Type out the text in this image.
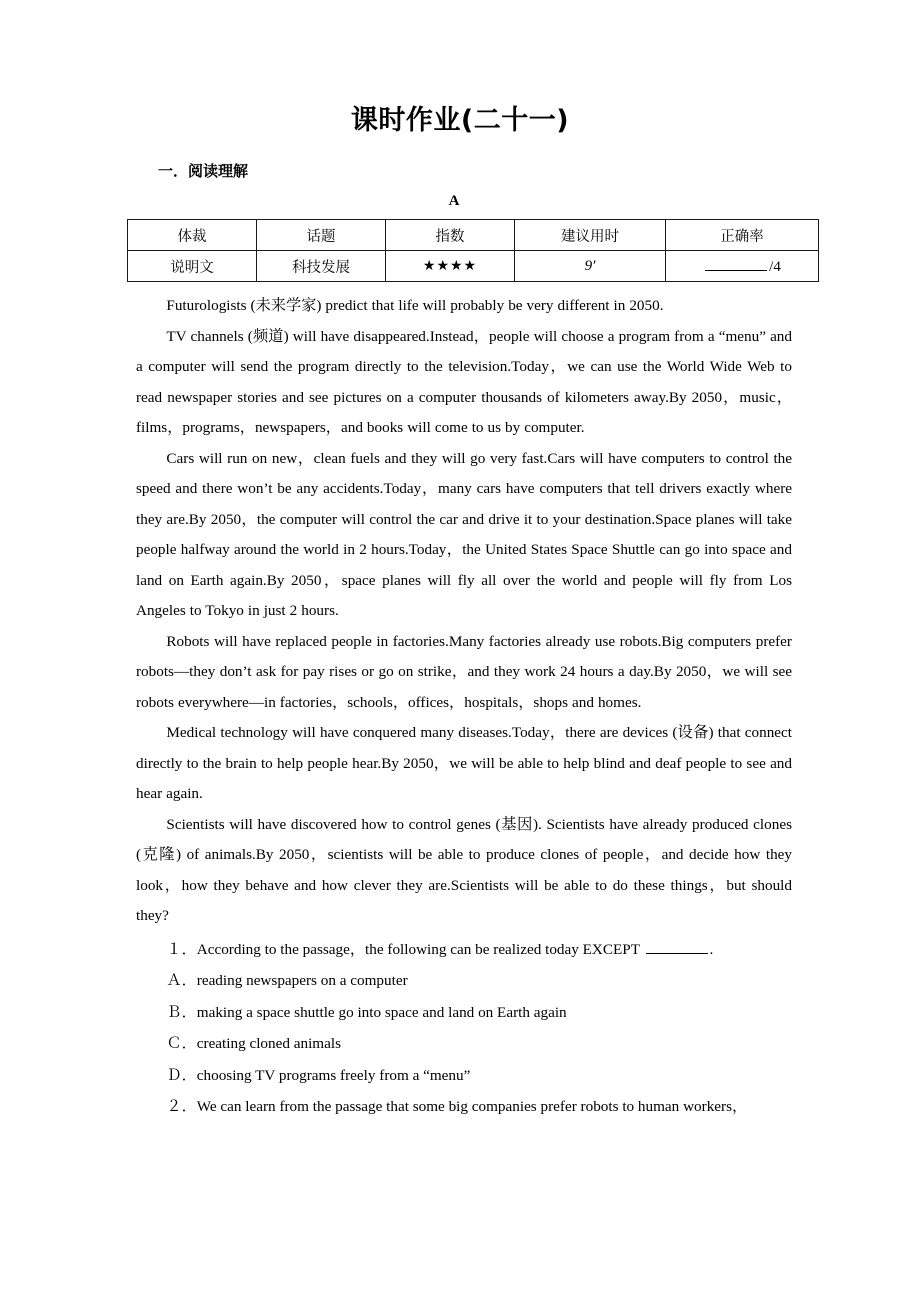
课时作业(二十一)
一．阅读理解
A
体裁	话题	指数	建议用时	正确率
说明文	科技发展	★★★★	9′	/4

Futurologists (未来学家) predict that life will probably be very different in 2050.

TV channels (频道) will have disappeared.Instead，people will choose a program from a “menu” and a computer will send the program directly to the television.Today，we can use the World Wide Web to read newspaper stories and see pictures on a computer thousands of kilometers away.By 2050，music，films，programs，newspapers，and books will come to us by computer.

Cars will run on new，clean fuels and they will go very fast.Cars will have computers to control the speed and there won’t be any accidents.Today，many cars have computers that tell drivers exactly where they are.By 2050，the computer will control the car and drive it to your destination.Space planes will take people halfway around the world in 2 hours.Today，the United States Space Shuttle can go into space and land on Earth again.By 2050，space planes will fly all over the world and people will fly from Los Angeles to Tokyo in just 2 hours.

Robots will have replaced people in factories.Many factories already use robots.Big computers prefer robots—they don’t ask for pay rises or go on strike，and they work 24 hours a day.By 2050，we will see robots everywhere—in factories，schools，offices，hospitals，shops and homes.

Medical technology will have conquered many diseases.Today，there are devices (设备) that connect directly to the brain to help people hear.By 2050，we will be able to help blind and deaf people to see and hear again.

Scientists will have discovered how to control genes (基因). Scientists have already produced clones (克隆) of animals.By 2050，scientists will be able to produce clones of people，and decide how they look，how they behave and how clever they are.Scientists will be able to do these things，but should they?

１．According to the passage，the following can be realized today EXCEPT	.

Ａ．reading newspapers on a computer

Ｂ．making a space shuttle go into space and land on Earth again

Ｃ．creating cloned animals

Ｄ．choosing TV programs freely from a “menu”

２．We can learn from the passage that some big companies prefer robots to human workers，
